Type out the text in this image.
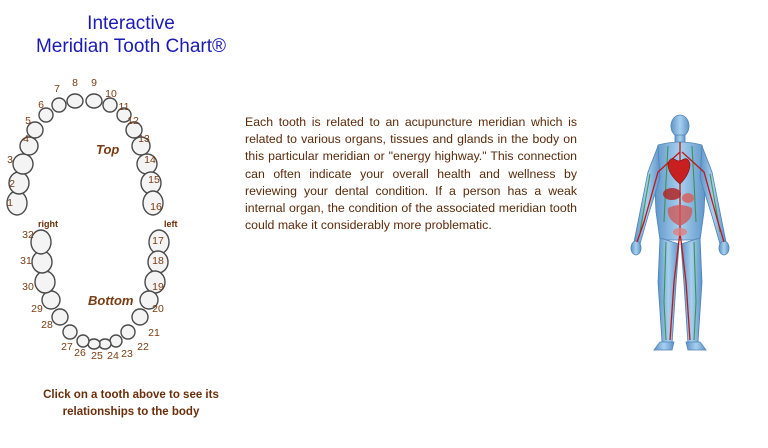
Interactive
Meridian Tooth Chart®
1
2
3
4
5
6
7 8 9
10
11
12
13
14
15
16
17
18
19
20
21
22
23
24
25
26
27
28
29
30
31
32
Top
Bottom
right	left
Click on a tooth above to see its
relationships to the body
Each tooth is related to an acupuncture meridian which is related to various organs, tissues and glands in the body on this particular meridian or "energy highway." This connection can often indicate your overall health and wellness by reviewing your dental condition. If a person has a weak internal organ, the condition of the associated meridian tooth could make it considerably more problematic.
